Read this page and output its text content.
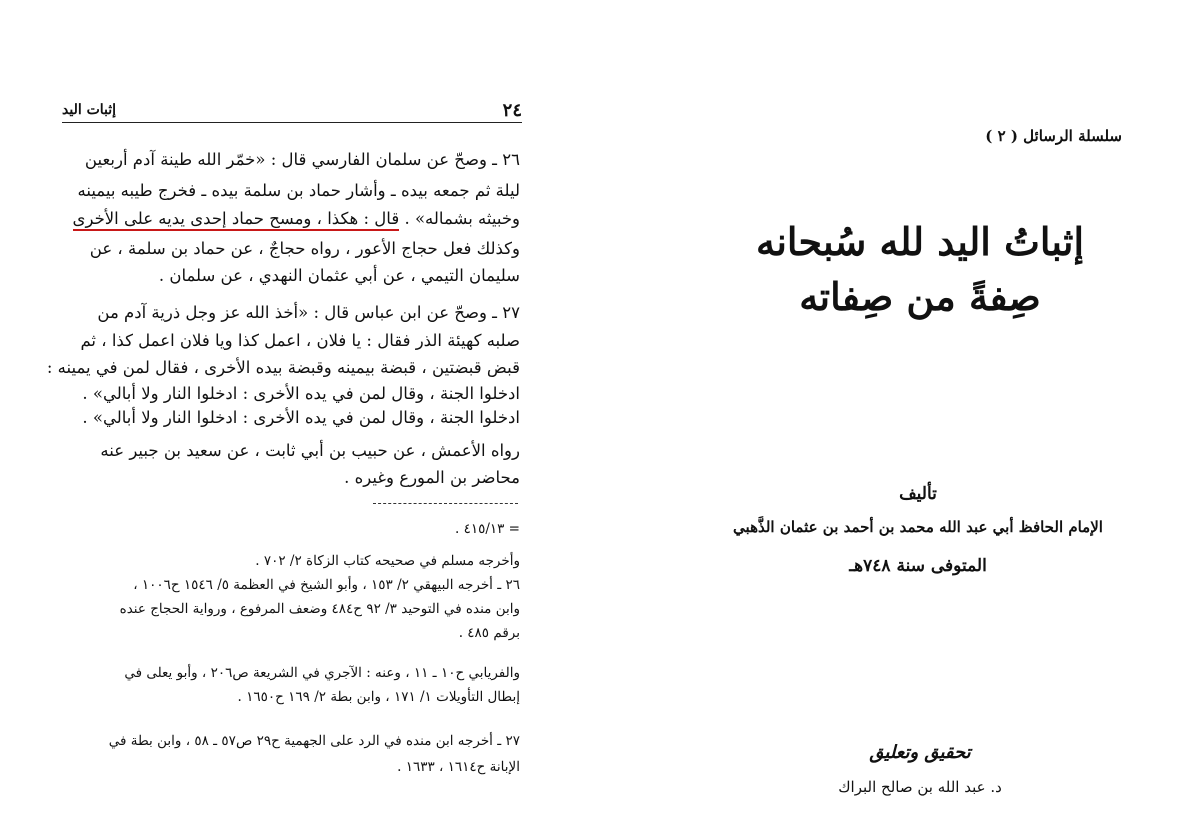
٢٤
إثبات اليد
٢٦ ـ وصحّ عن سلمان الفارسي قال : «خمّر الله طينة آدم أربعين
ليلة ثم جمعه بيده ـ وأشار حماد بن سلمة بيده ـ فخرج طيبه بيمينه
وخبيثه بشماله» . قال : هكذا ، ومسح حماد إحدى يديه على الأخرى
وكذلك فعل حجاج الأعور ، رواه حجاجٌ ، عن حماد بن سلمة ، عن
سليمان التيمي ، عن أبي عثمان النهدي ، عن سلمان .
٢٧ ـ وصحّ عن ابن عباس قال : «أخذ الله عز وجل ذرية آدم من
صلبه كهيئة الذر فقال : يا فلان ، اعمل كذا ويا فلان اعمل كذا ، ثم
قبض قبضتين ، قبضة بيمينه وقبضة بيده الأخرى ، فقال لمن في يمينه :
ادخلوا الجنة ، وقال لمن في يده الأخرى : ادخلوا النار ولا أبالي» .
= ٤١٥/١٣ .
وأخرجه مسلم في صحيحه كتاب الزكاة ٢/ ٧٠٢ .
٢٦ ـ أخرجه البيهقي ٢/ ١٥٣ ، وأبو الشيخ في العظمة ٥/ ١٥٤٦ ح١٠٠٦ ،
وابن منده في التوحيد ٣/ ٩٢ ح٤٨٤ وضعف المرفوع ، ورواية الحجاج عنده
برقم ٤٨٥ .
والفريابي ح١٠ ـ ١١ ، وعنه : الآجري في الشريعة ص٢٠٦ ، وأبو يعلى في
إبطال التأويلات ١/ ١٧١ ، وابن بطة ٢/ ١٦٩ ح١٦٥٠ .
٢٧ ـ أخرجه ابن منده في الرد على الجهمية ح٢٩ ص٥٧ ـ ٥٨ ، وابن بطة في
الإبانة ح١٦١٤ ، ١٦٣٣ .
رواه الأعمش ، عن حبيب بن أبي ثابت ، عن سعيد بن جبير عنه
محاضر بن المورع وغيره .
ادخلوا الجنة ، وقال لمن في يده الأخرى : ادخلوا النار ولا أبالي» .
سلسلة الرسائل ( ٢ )
إثباتُ اليد لله سُبحانه
صِفةً من صِفاته
تأليف
الإمام الحافظ أبي عبد الله محمد بن أحمد بن عثمان الذَّهبي
المتوفى سنة ٧٤٨هـ
تحقيق وتعليق
د. عبد الله بن صالح البراك
